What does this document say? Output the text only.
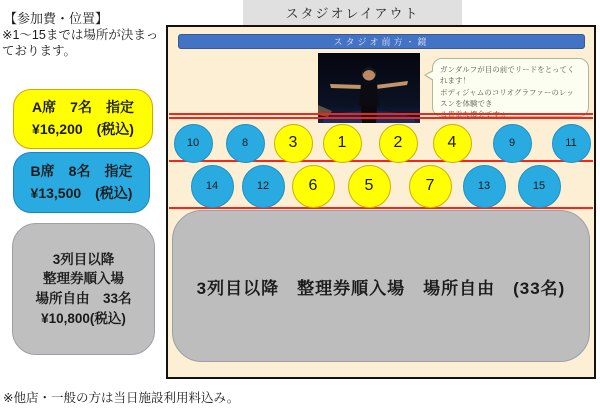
スタジオレイアウト
【参加費・位置】
※1～15までは場所が決まっ
ております。
A席　7名　指定
¥16,200　(税込)
B席　8名　指定
¥13,500　(税込)
3列目以降
整理券順入場
場所自由　33名
¥10,800(税込)
スタジオ前方・鏡
ガンダルフが目の前でリードをとってくれます！
ボディジャムのコリオグラファーのレッスンを体験でき
10	8	3	1	2	4	9	11
14	12	6	5	7	13	15
3列目以降　整理券順入場　場所自由　(33名)
※他店・一般の方は当日施設利用料込み。
